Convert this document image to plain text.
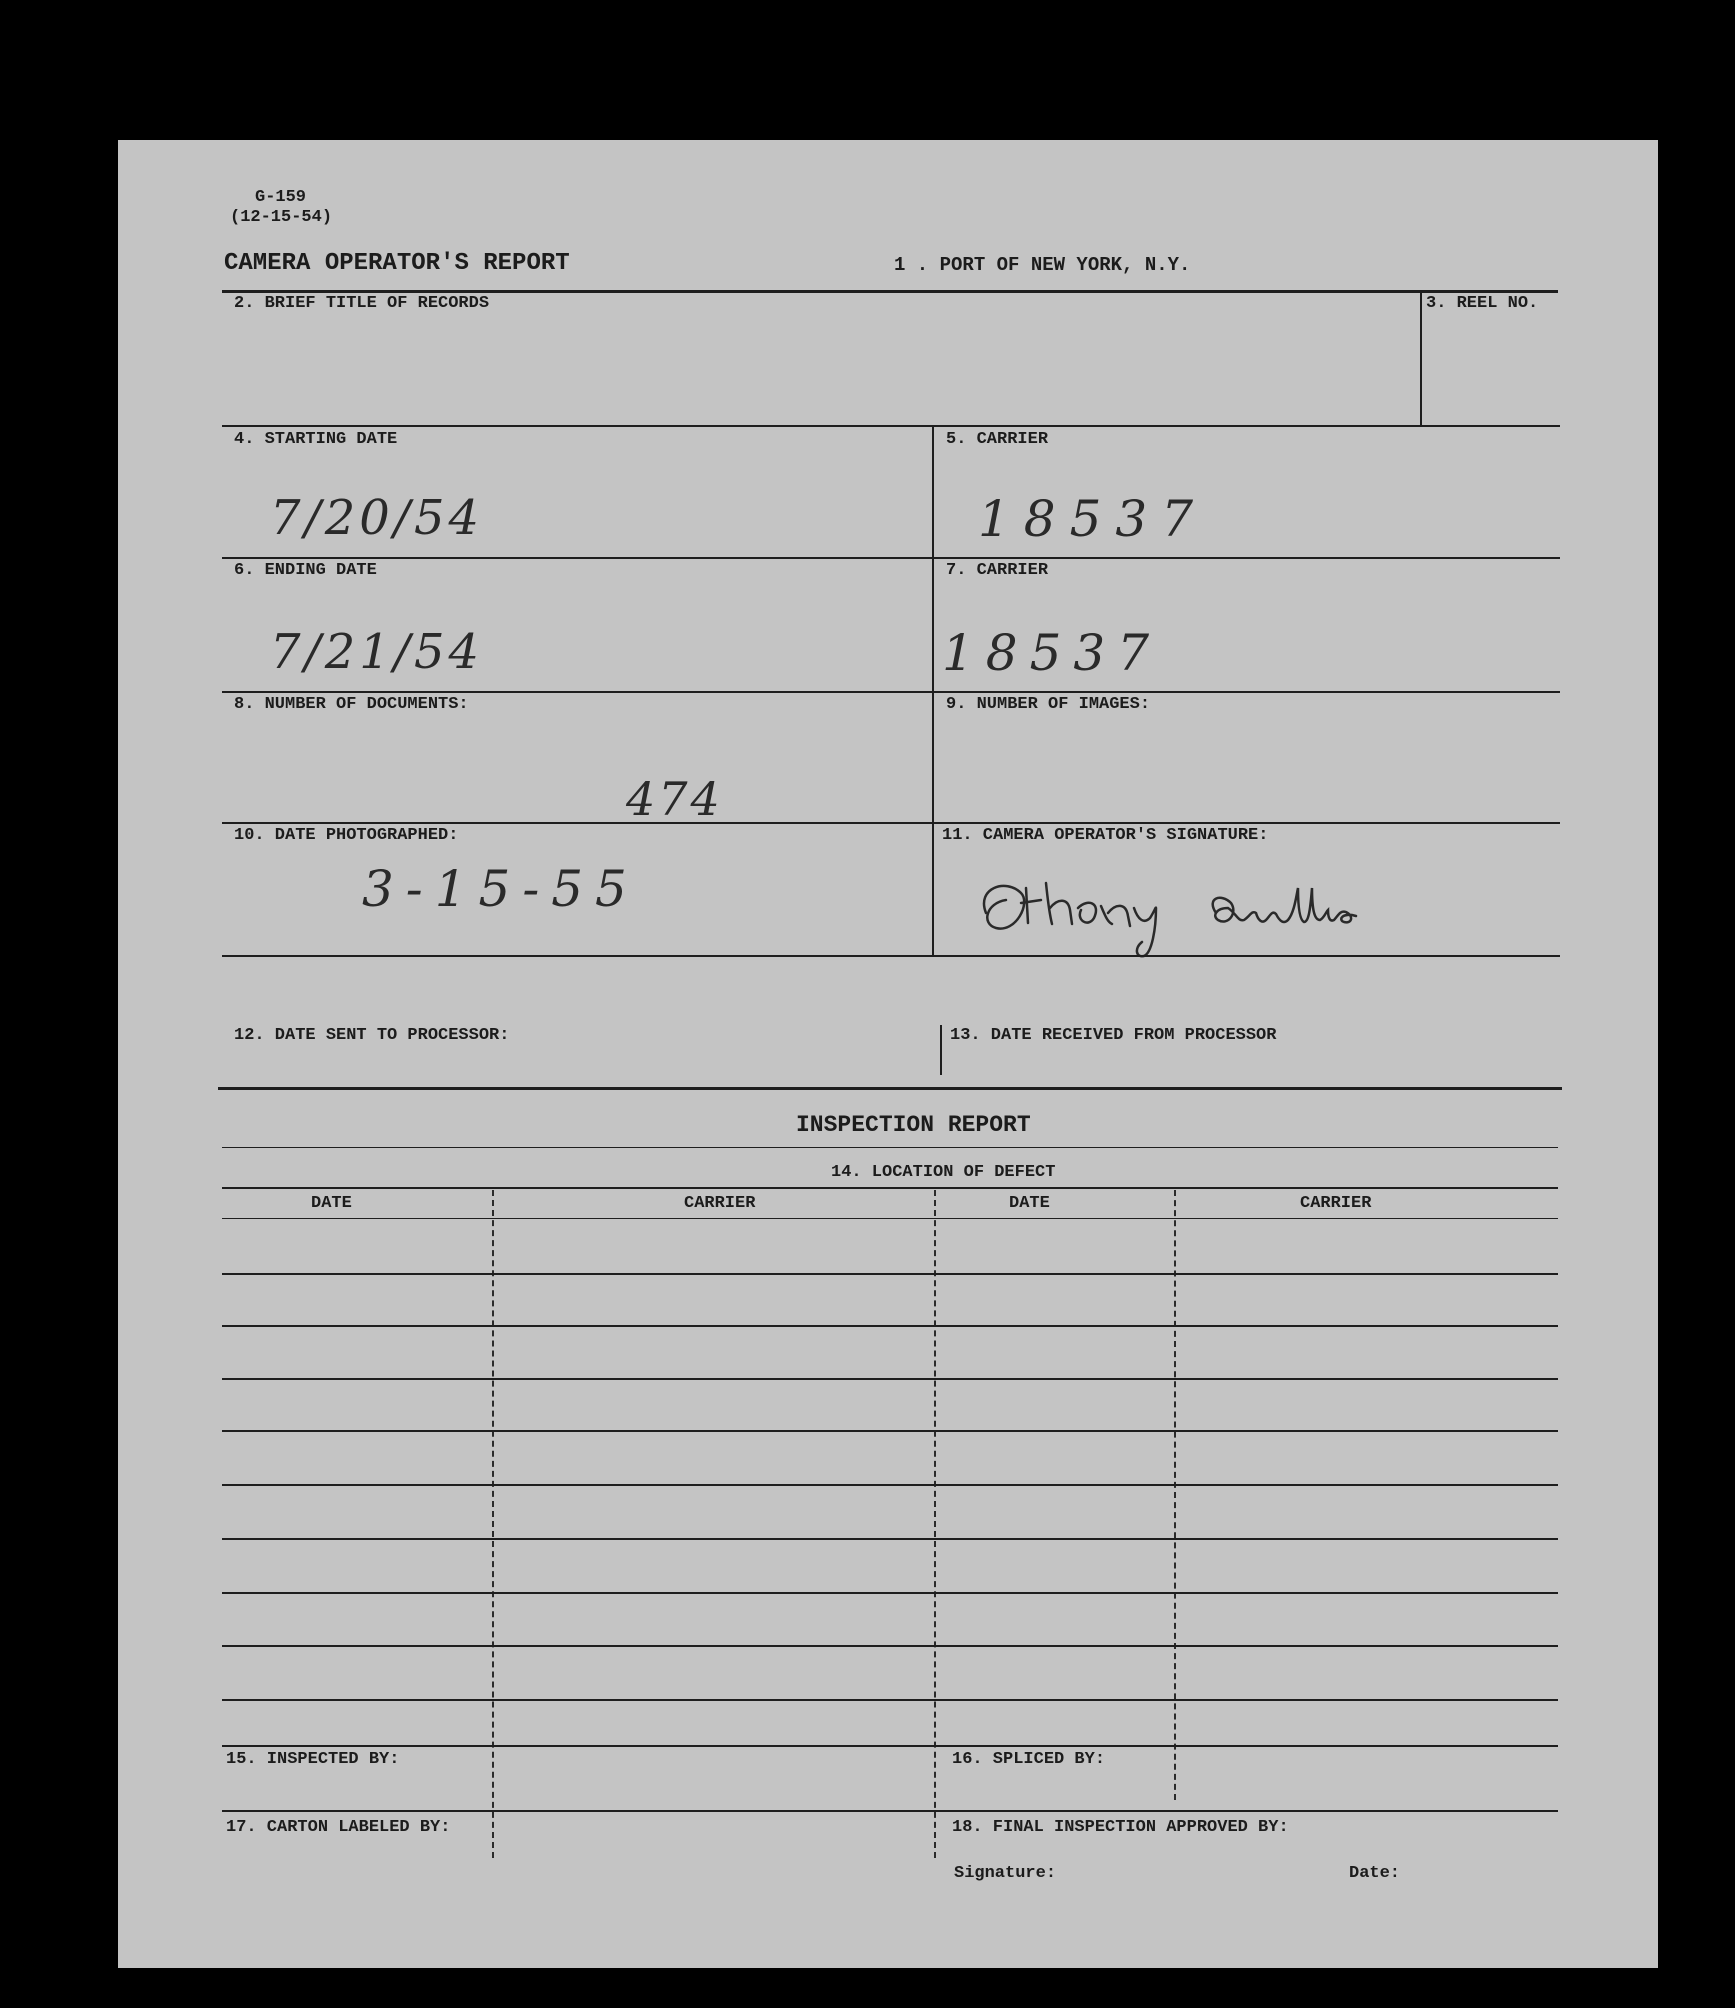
G-159
(12-15-54)
CAMERA OPERATOR'S REPORT	1 . PORT OF NEW YORK, N.Y.
2. BRIEF TITLE OF RECORDS	3. REEL NO.
4. STARTING DATE
7/20/54
5. CARRIER
18537
6. ENDING DATE
7/21/54
7. CARRIER
18537
8. NUMBER OF DOCUMENTS:
474
9. NUMBER OF IMAGES:
10. DATE PHOTOGRAPHED:
3-15-55
11. CAMERA OPERATOR'S SIGNATURE:
12. DATE SENT TO PROCESSOR:	13. DATE RECEIVED FROM PROCESSOR
INSPECTION REPORT
14. LOCATION OF DEFECT
DATE	CARRIER	DATE	CARRIER
15. INSPECTED BY:	16. SPLICED BY:
17. CARTON LABELED BY:	18. FINAL INSPECTION APPROVED BY:
Signature:	Date:
